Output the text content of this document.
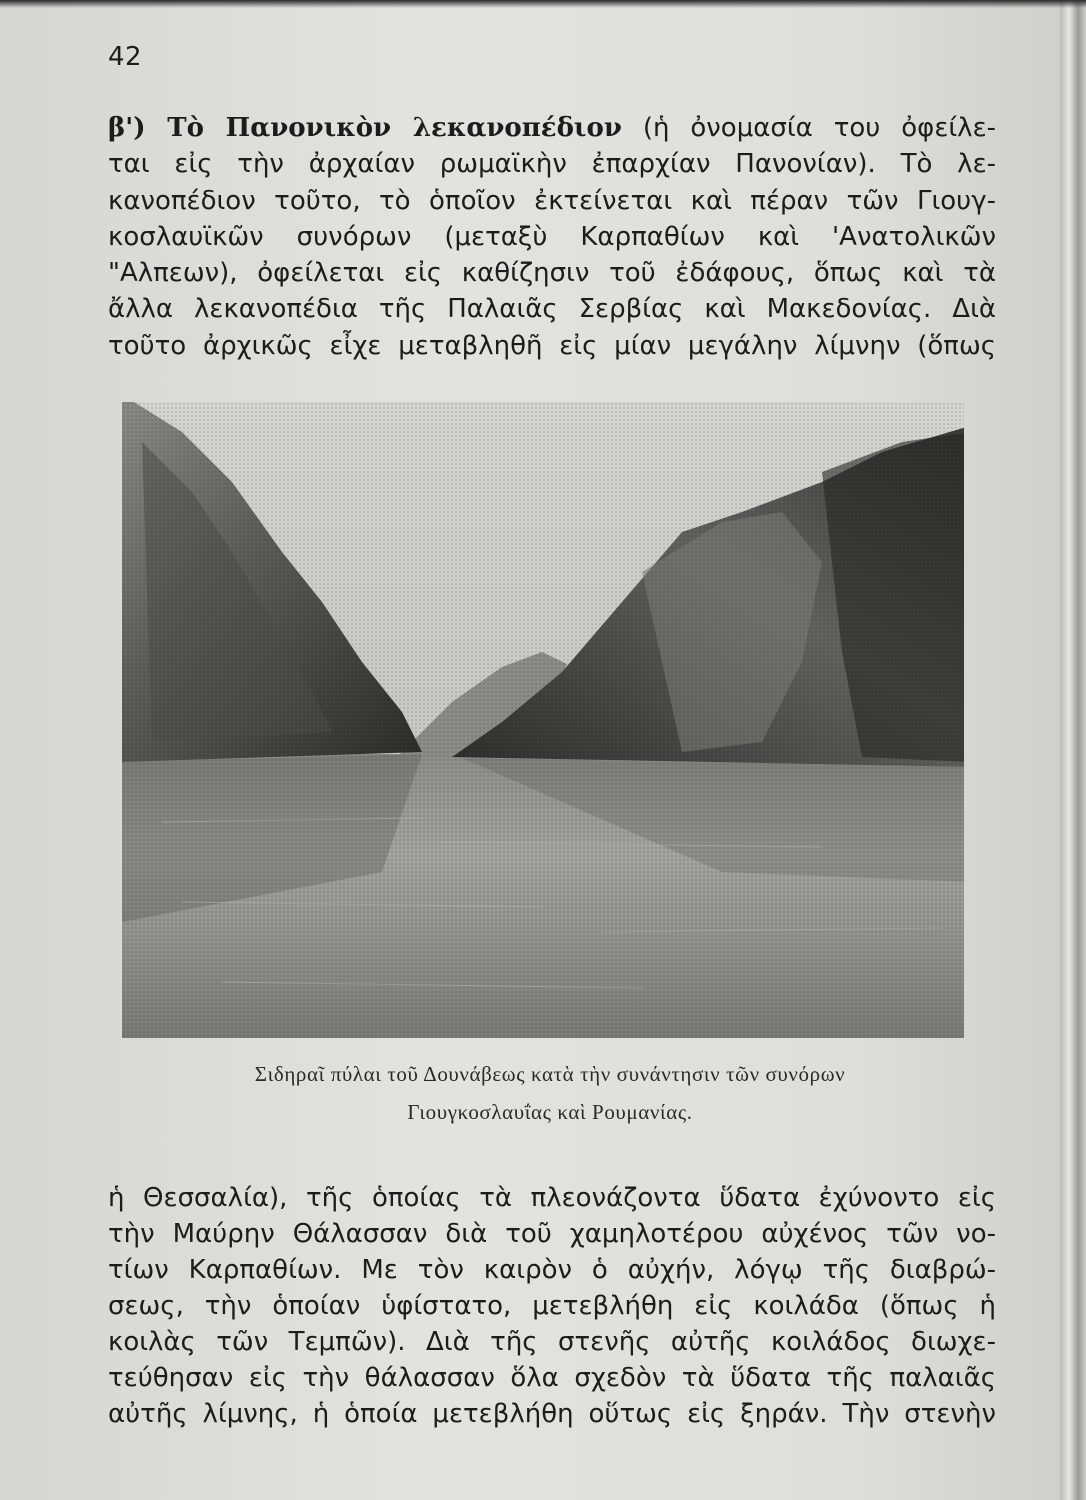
42
β') Τὸ Πανονικὸν λεκανοπέδιον (ἡ ὀνομασία του ὀφείλε-
ται εἰς τὴν ἀρχαίαν ρωμαϊκὴν ἐπαρχίαν Πανονίαν). Τὸ λε-
κανοπέδιον τοῦτο, τὸ ὁποῖον ἐκτείνεται καὶ πέραν τῶν Γιουγ-
κοσλαυϊκῶν συνόρων (μεταξὺ Καρπαθίων καὶ 'Ανατολικῶν
"Αλπεων), ὀφείλεται εἰς καθίζησιν τοῦ ἐδάφους, ὅπως καὶ τὰ
ἄλλα λεκανοπέδια τῆς Παλαιᾶς Σερβίας καὶ Μακεδονίας. Διὰ
τοῦτο ἀρχικῶς εἶχε μεταβληθῆ εἰς μίαν μεγάλην λίμνην (ὅπως
Σιδηραῖ πύλαι τοῦ Δουνάβεως κατὰ τὴν συνάντησιν τῶν συνόρων
Γιουγκοσλαυΐας καὶ Ρουμανίας.
ἡ Θεσσαλία), τῆς ὁποίας τὰ πλεονάζοντα ὕδατα ἐχύνοντο εἰς
τὴν Μαύρην Θάλασσαν διὰ τοῦ χαμηλοτέρου αὐχένος τῶν νο-
τίων Καρπαθίων. Με τὸν καιρὸν ὁ αὐχήν, λόγῳ τῆς διαβρώ-
σεως, τὴν ὁποίαν ὑφίστατο, μετεβλήθη εἰς κοιλάδα (ὅπως ἡ
κοιλὰς τῶν Τεμπῶν). Διὰ τῆς στενῆς αὐτῆς κοιλάδος διωχε-
τεύθησαν εἰς τὴν θάλασσαν ὅλα σχεδὸν τὰ ὕδατα τῆς παλαιᾶς
αὐτῆς λίμνης, ἡ ὁποία μετεβλήθη οὕτως εἰς ξηράν. Τὴν στενὴν
